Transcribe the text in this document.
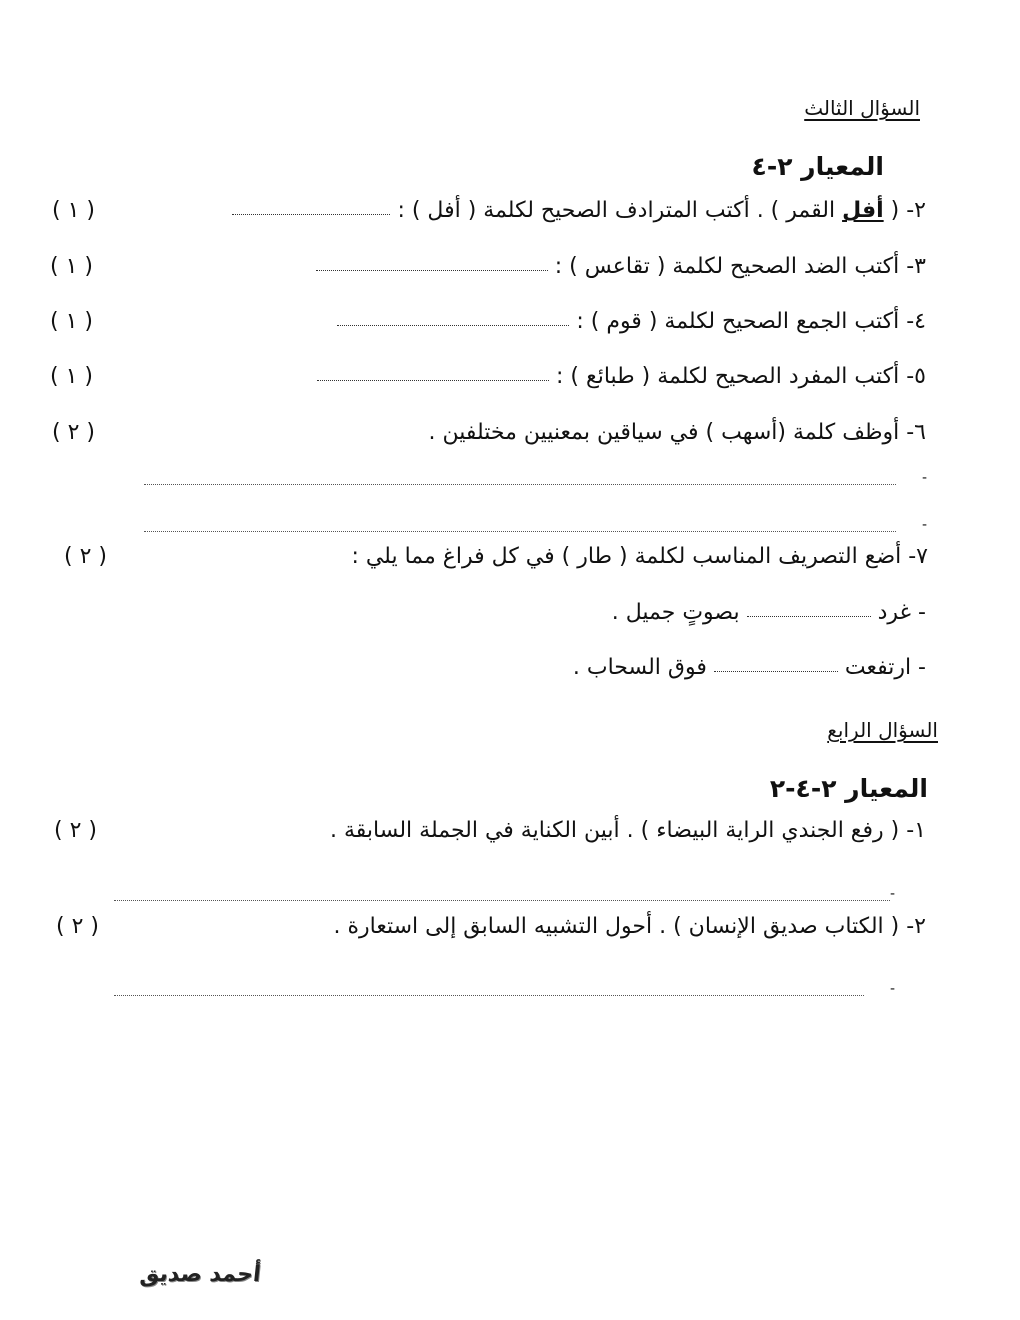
السؤال الثالث
المعيار ٢-٤
٢- ( أفل القمر ) . أكتب المترادف الصحيح لكلمة ( أفل ) :
( ١ )
٣- أكتب الضد الصحيح لكلمة ( تقاعس ) :
( ١ )
٤- أكتب الجمع الصحيح لكلمة ( قوم ) :
( ١ )
٥- أكتب المفرد الصحيح لكلمة ( طبائع ) :
( ١ )
٦- أوظف كلمة (أسهب ) في سياقين بمعنيين مختلفين .
( ٢ )
-
-
٧- أضع التصريف المناسب لكلمة ( طار ) في كل فراغ مما يلي :
( ٢ )
- غرد  بصوتٍ جميل .
- ارتفعت  فوق السحاب .
السؤال الرابع
المعيار ٢-٤-٢
١- ( رفع الجندي الراية البيضاء ) . أبين الكناية في الجملة السابقة .
( ٢ )
-
٢- ( الكتاب صديق الإنسان ) . أحول التشبيه السابق إلى استعارة .
( ٢ )
-
أحمد صديق
